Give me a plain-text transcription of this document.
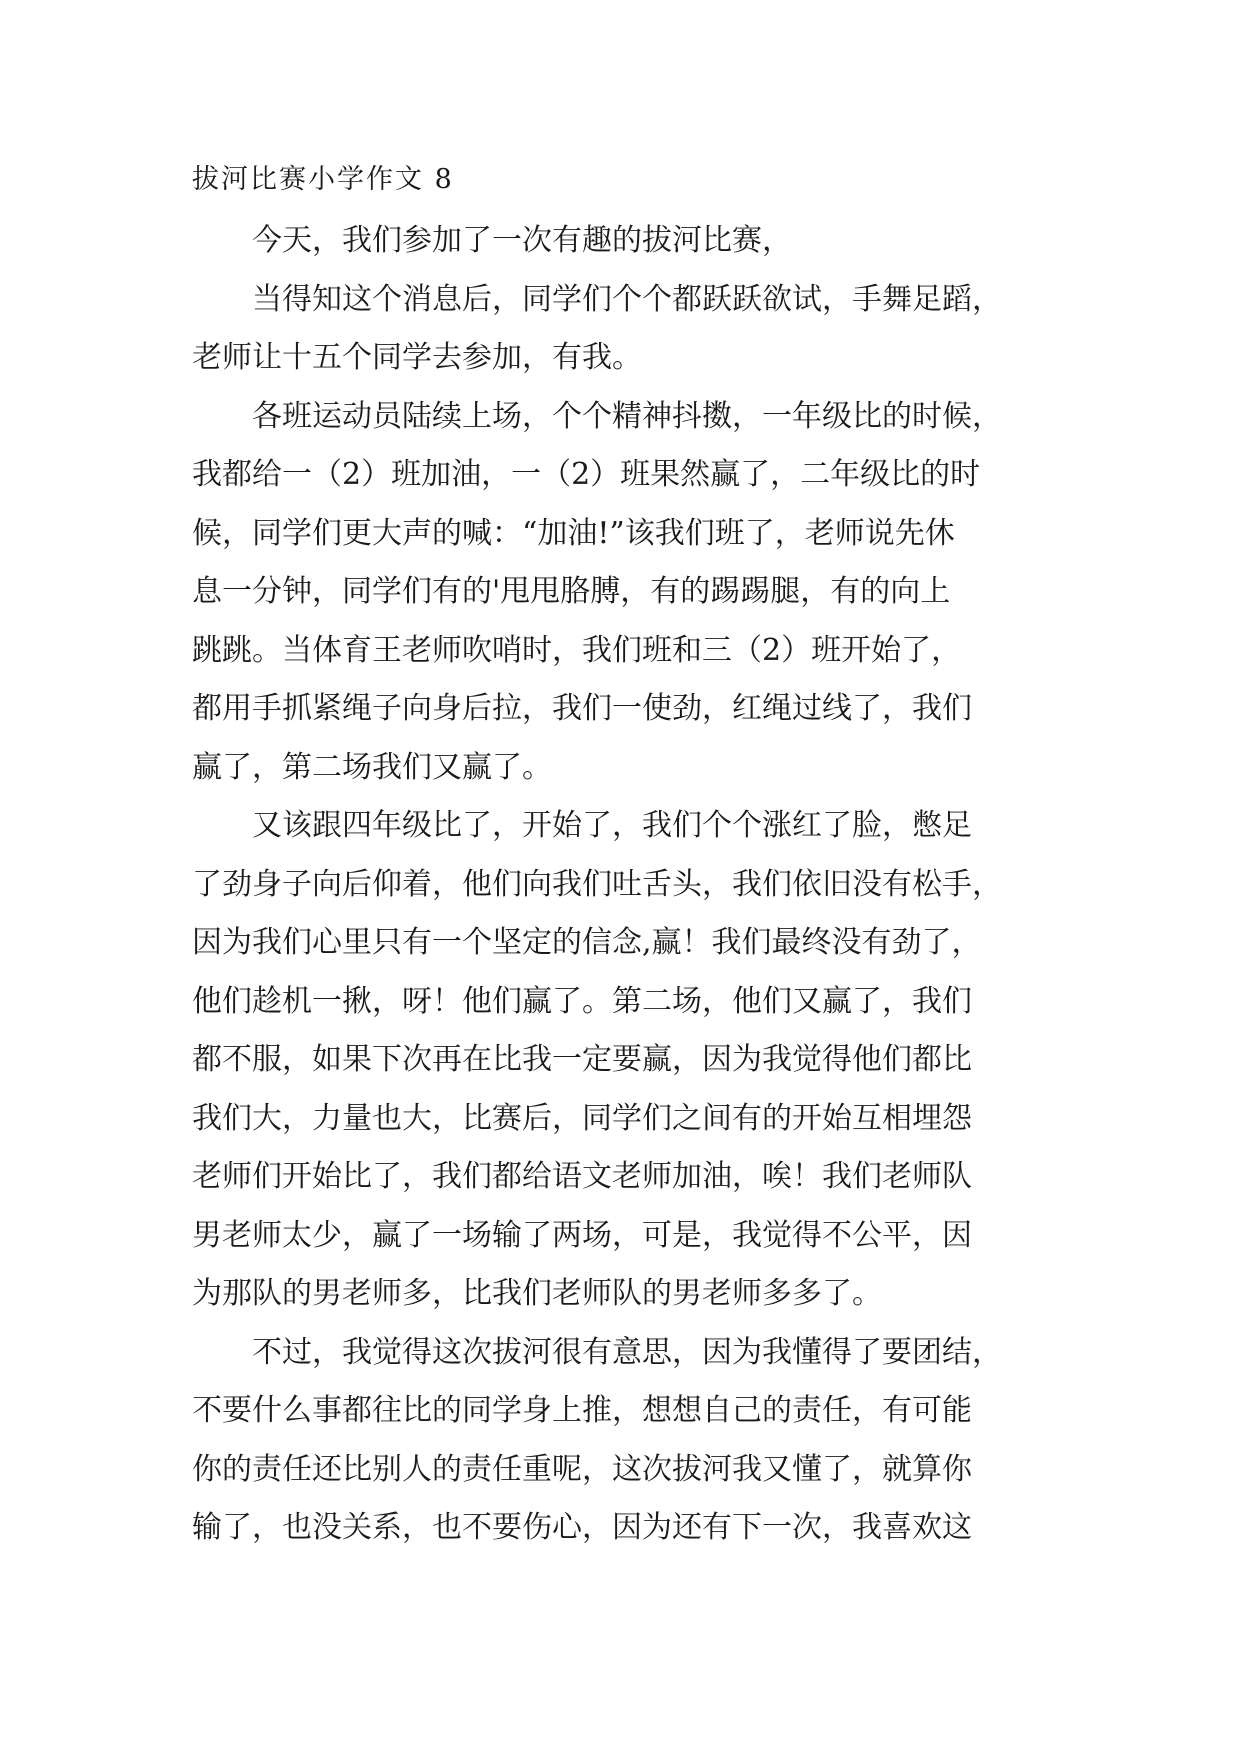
拔河比赛小学作文 8
今天，我们参加了一次有趣的拔河比赛，
当得知这个消息后，同学们个个都跃跃欲试，手舞足蹈，
老师让十五个同学去参加，有我。
各班运动员陆续上场，个个精神抖擞，一年级比的时候，
我都给一（2）班加油，一（2）班果然赢了，二年级比的时
候，同学们更大声的喊：“加油!”该我们班了，老师说先休
息一分钟，同学们有的'甩甩胳膊，有的踢踢腿，有的向上
跳跳。当体育王老师吹哨时，我们班和三（2）班开始了，
都用手抓紧绳子向身后拉，我们一使劲，红绳过线了，我们
赢了，第二场我们又赢了。
又该跟四年级比了，开始了，我们个个涨红了脸，憋足
了劲身子向后仰着，他们向我们吐舌头，我们依旧没有松手，
因为我们心里只有一个坚定的信念,赢！我们最终没有劲了，
他们趁机一揪，呀！他们赢了。第二场，他们又赢了，我们
都不服，如果下次再在比我一定要赢，因为我觉得他们都比
我们大，力量也大，比赛后，同学们之间有的开始互相埋怨
老师们开始比了，我们都给语文老师加油，唉！我们老师队
男老师太少，赢了一场输了两场，可是，我觉得不公平，因
为那队的男老师多，比我们老师队的男老师多多了。
不过，我觉得这次拔河很有意思，因为我懂得了要团结，
不要什么事都往比的同学身上推，想想自己的责任，有可能
你的责任还比别人的责任重呢，这次拔河我又懂了，就算你
输了，也没关系，也不要伤心，因为还有下一次，我喜欢这
